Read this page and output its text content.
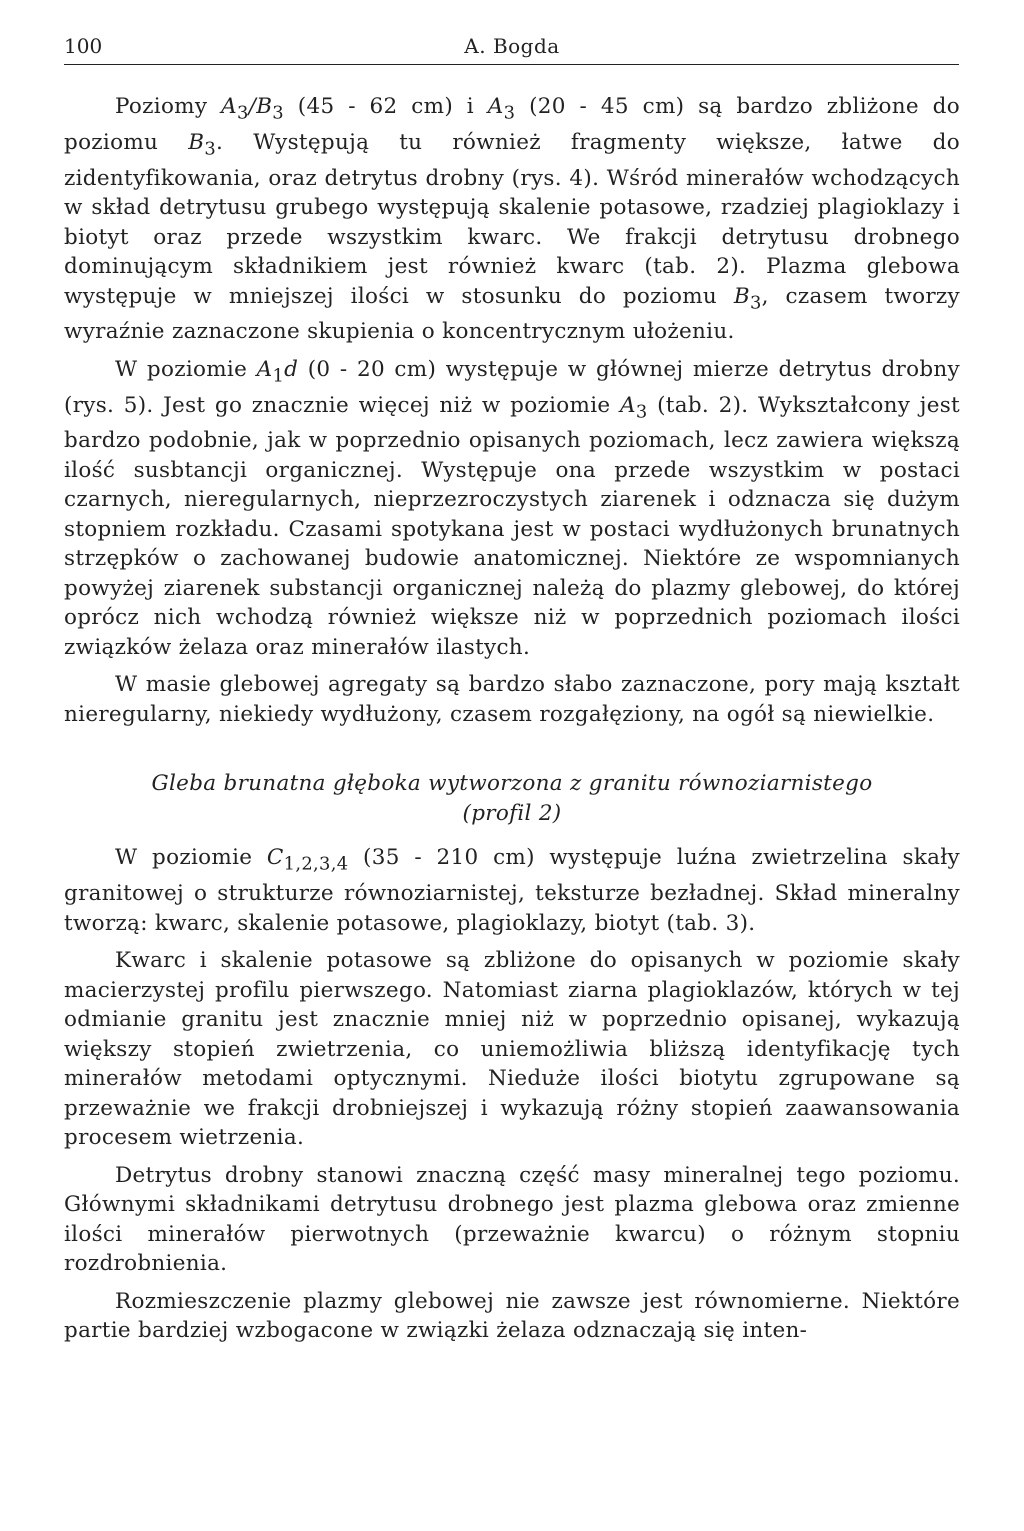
100	A. Bogda

Poziomy $A_3/B_3$ (45 - 62 cm) i $A_3$ (20 - 45 cm) są bardzo zbliżone do poziomu $B_3$. Występują tu również fragmenty większe, łatwe do zidentyfikowania, oraz detrytus drobny (rys. 4). Wśród minerałów wchodzących w skład detrytusu grubego występują skalenie potasowe, rzadziej plagioklazy i biotyt oraz przede wszystkim kwarc. We frakcji detrytusu drobnego dominującym składnikiem jest również kwarc (tab. 2). Plazma glebowa występuje w mniejszej ilości w stosunku do poziomu $B_3$, czasem tworzy wyraźnie zaznaczone skupienia o koncentrycznym ułożeniu.

W poziomie $A_1d$ (0 - 20 cm) występuje w głównej mierze detrytus drobny (rys. 5). Jest go znacznie więcej niż w poziomie $A_3$ (tab. 2). Wykształcony jest bardzo podobnie, jak w poprzednio opisanych poziomach, lecz zawiera większą ilość susbtancji organicznej. Występuje ona przede wszystkim w postaci czarnych, nieregularnych, nieprzezroczystych ziarenek i odznacza się dużym stopniem rozkładu. Czasami spotykana jest w postaci wydłużonych brunatnych strzępków o zachowanej budowie anatomicznej. Niektóre ze wspomnianych powyżej ziarenek substancji organicznej należą do plazmy glebowej, do której oprócz nich wchodzą również większe niż w poprzednich poziomach ilości związków żelaza oraz minerałów ilastych.

W masie glebowej agregaty są bardzo słabo zaznaczone, pory mają kształt nieregularny, niekiedy wydłużony, czasem rozgałęziony, na ogół są niewielkie.

Gleba brunatna głęboka wytworzona z granitu równoziarnistego
(profil 2)

W poziomie $C_{1,2,3,4}$ (35 - 210 cm) występuje luźna zwietrzelina skały granitowej o strukturze równoziarnistej, teksturze bezładnej. Skład mineralny tworzą: kwarc, skalenie potasowe, plagioklazy, biotyt (tab. 3).

Kwarc i skalenie potasowe są zbliżone do opisanych w poziomie skały macierzystej profilu pierwszego. Natomiast ziarna plagioklazów, których w tej odmianie granitu jest znacznie mniej niż w poprzednio opisanej, wykazują większy stopień zwietrzenia, co uniemożliwia bliższą identyfikację tych minerałów metodami optycznymi. Nieduże ilości biotytu zgrupowane są przeważnie we frakcji drobniejszej i wykazują różny stopień zaawansowania procesem wietrzenia.

Detrytus drobny stanowi znaczną część masy mineralnej tego poziomu. Głównymi składnikami detrytusu drobnego jest plazma glebowa oraz zmienne ilości minerałów pierwotnych (przeważnie kwarcu) o różnym stopniu rozdrobnienia.

Rozmieszczenie plazmy glebowej nie zawsze jest równomierne. Niektóre partie bardziej wzbogacone w związki żelaza odznaczają się inten-
